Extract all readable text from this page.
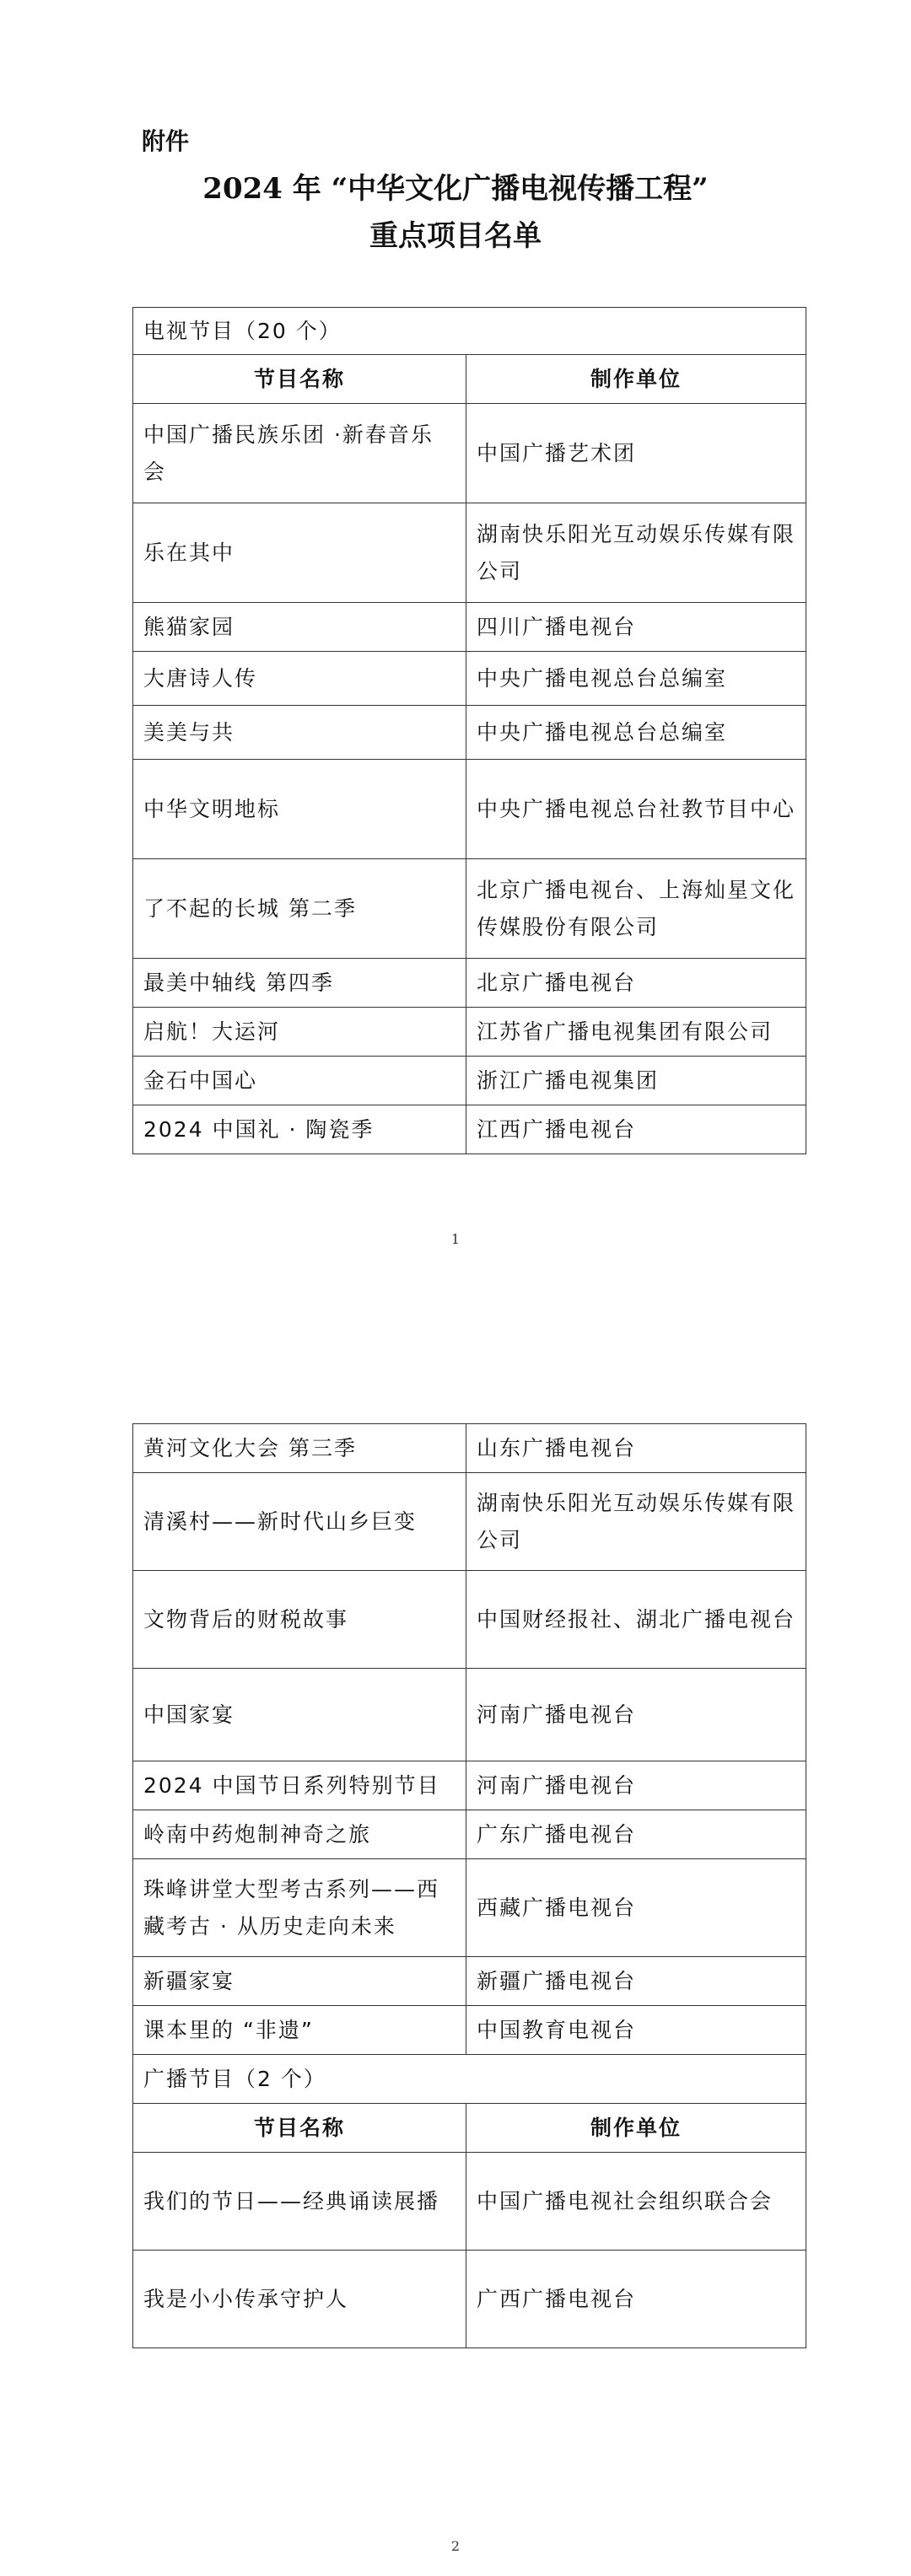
附件
2024 年 “中华文化广播电视传播工程”
重点项目名单
电视节目（20 个）	
节目名称	制作单位
中国广播民族乐团 ·新春音乐会	中国广播艺术团
乐在其中	湖南快乐阳光互动娱乐传媒有限公司
熊猫家园	四川广播电视台
大唐诗人传	中央广播电视总台总编室
美美与共	中央广播电视总台总编室
中华文明地标	中央广播电视总台社教节目中心
了不起的长城 第二季	北京广播电视台、上海灿星文化传媒股份有限公司
最美中轴线 第四季	北京广播电视台
启航！大运河	江苏省广播电视集团有限公司
金石中国心	浙江广播电视集团
2024 中国礼 · 陶瓷季	江西广播电视台
1
黄河文化大会 第三季	山东广播电视台
清溪村——新时代山乡巨变	湖南快乐阳光互动娱乐传媒有限公司
文物背后的财税故事	中国财经报社、湖北广播电视台
中国家宴	河南广播电视台
2024 中国节日系列特别节目	河南广播电视台
岭南中药炮制神奇之旅	广东广播电视台
珠峰讲堂大型考古系列——西藏考古 · 从历史走向未来	西藏广播电视台
新疆家宴	新疆广播电视台
课本里的 “非遗”	中国教育电视台
广播节目（2 个）	
节目名称	制作单位
我们的节日——经典诵读展播	中国广播电视社会组织联合会
我是小小传承守护人	广西广播电视台
2
